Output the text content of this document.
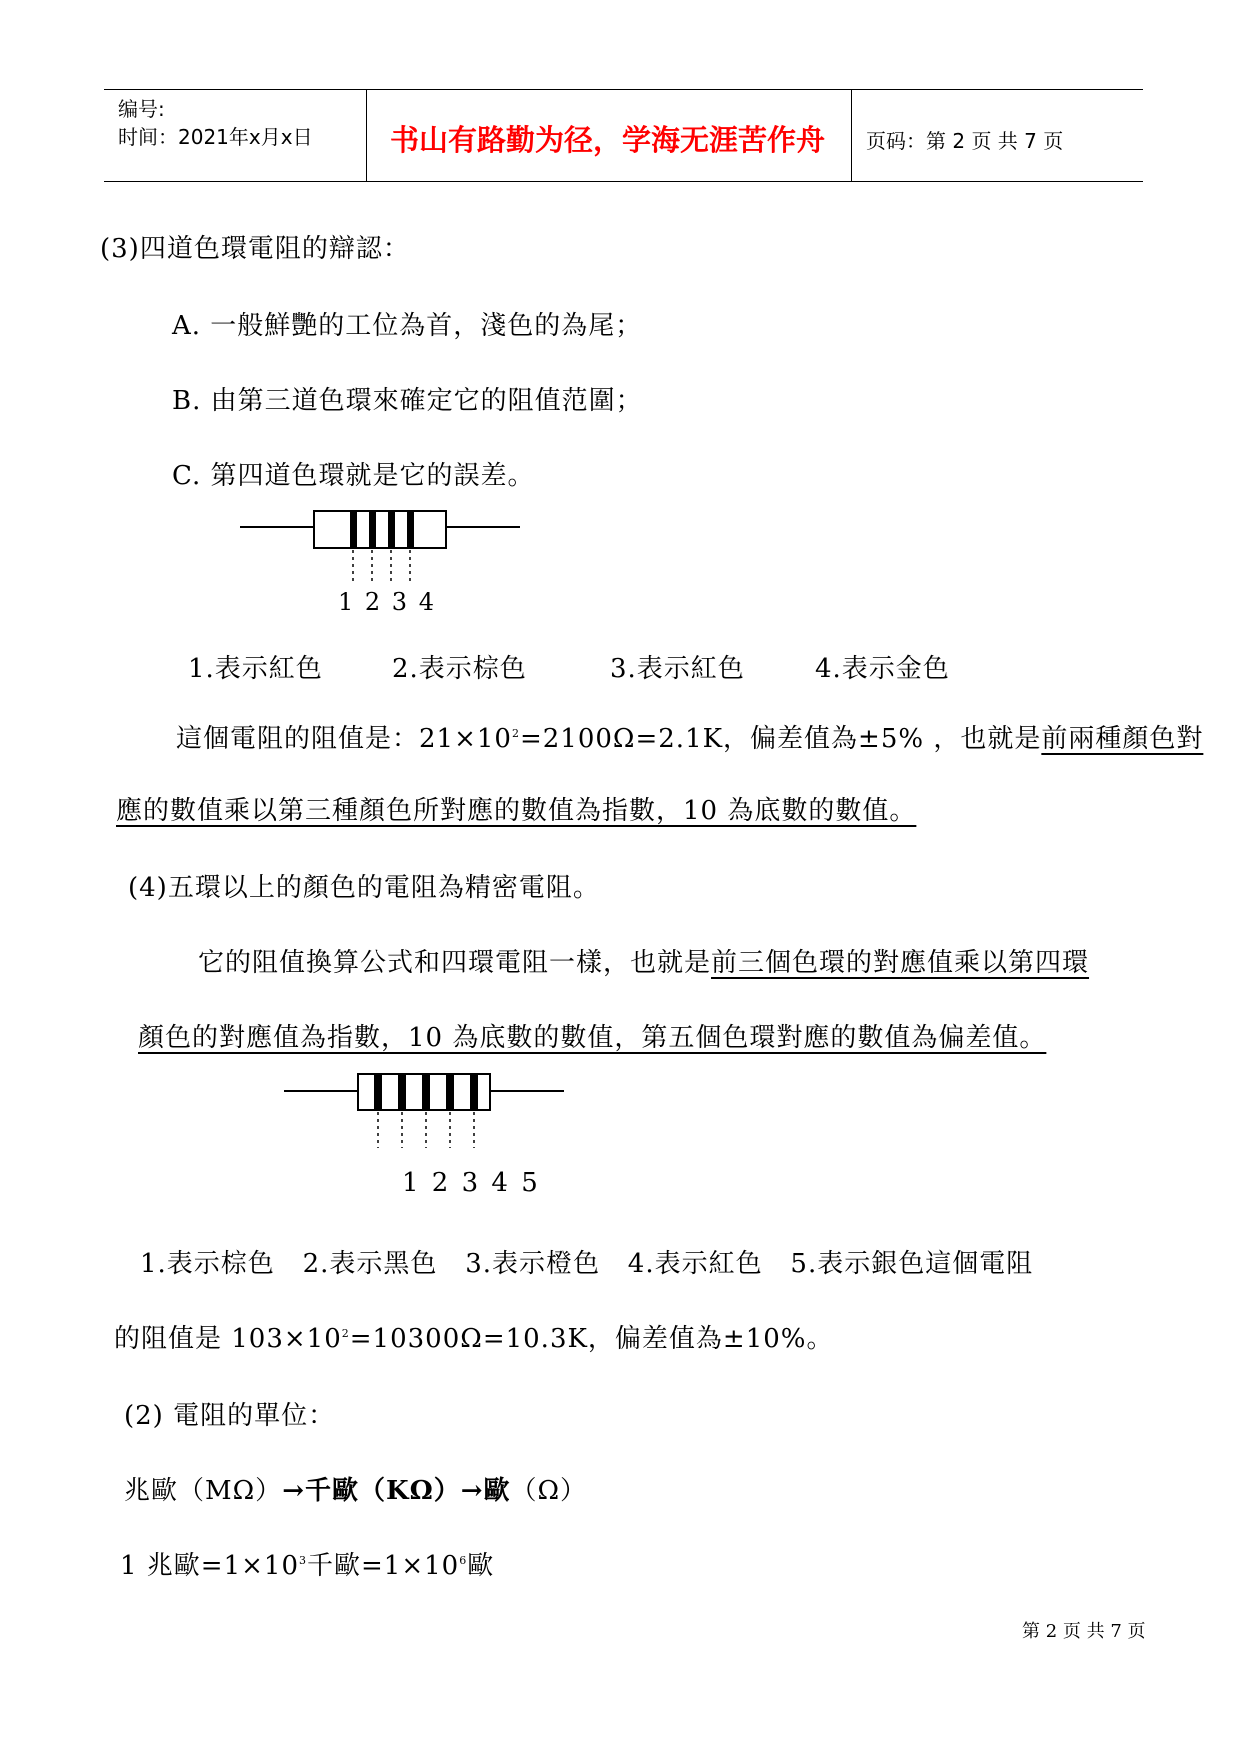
编号:
时间：2021年x月x日	书山有路勤为径，学海无涯苦作舟 页码：第 2 页 共 7 页
(3)四道色環電阻的辯認：
A. 一般鮮艷的工位為首，淺色的為尾；
B. 由第三道色環來確定它的阻值范圍；
C. 第四道色環就是它的誤差。
1 2 3 4
1.表示紅色	2.表示棕色	3.表示紅色	4.表示金色
這個電阻的阻值是：$21\times 10^2=2100\Omega=2.1K$，偏差值為±5% ，也就是前兩種顏色對
應的數值乘以第三種顏色所對應的數值為指數，10 為底數的數值。
(4)五環以上的顏色的電阻為精密電阻。
它的阻值換算公式和四環電阻一樣，也就是前三個色環的對應值乘以第四環
顏色的對應值為指數，10 為底數的數值，第五個色環對應的數值為偏差值。
1 2 3 4 5
1.表示棕色   2.表示黑色   3.表示橙色   4.表示紅色   5.表示銀色這個電阻
的阻值是 $103\times 10^2=10300\Omega=10.3K$，偏差值為±10%。
(2) 電阻的單位：
兆歐（MΩ）→千歐（KΩ）→歐（Ω）
1 兆歐$=1\times 10^3$千歐$=1\times 10^6$歐
第 2 页 共 7 页
